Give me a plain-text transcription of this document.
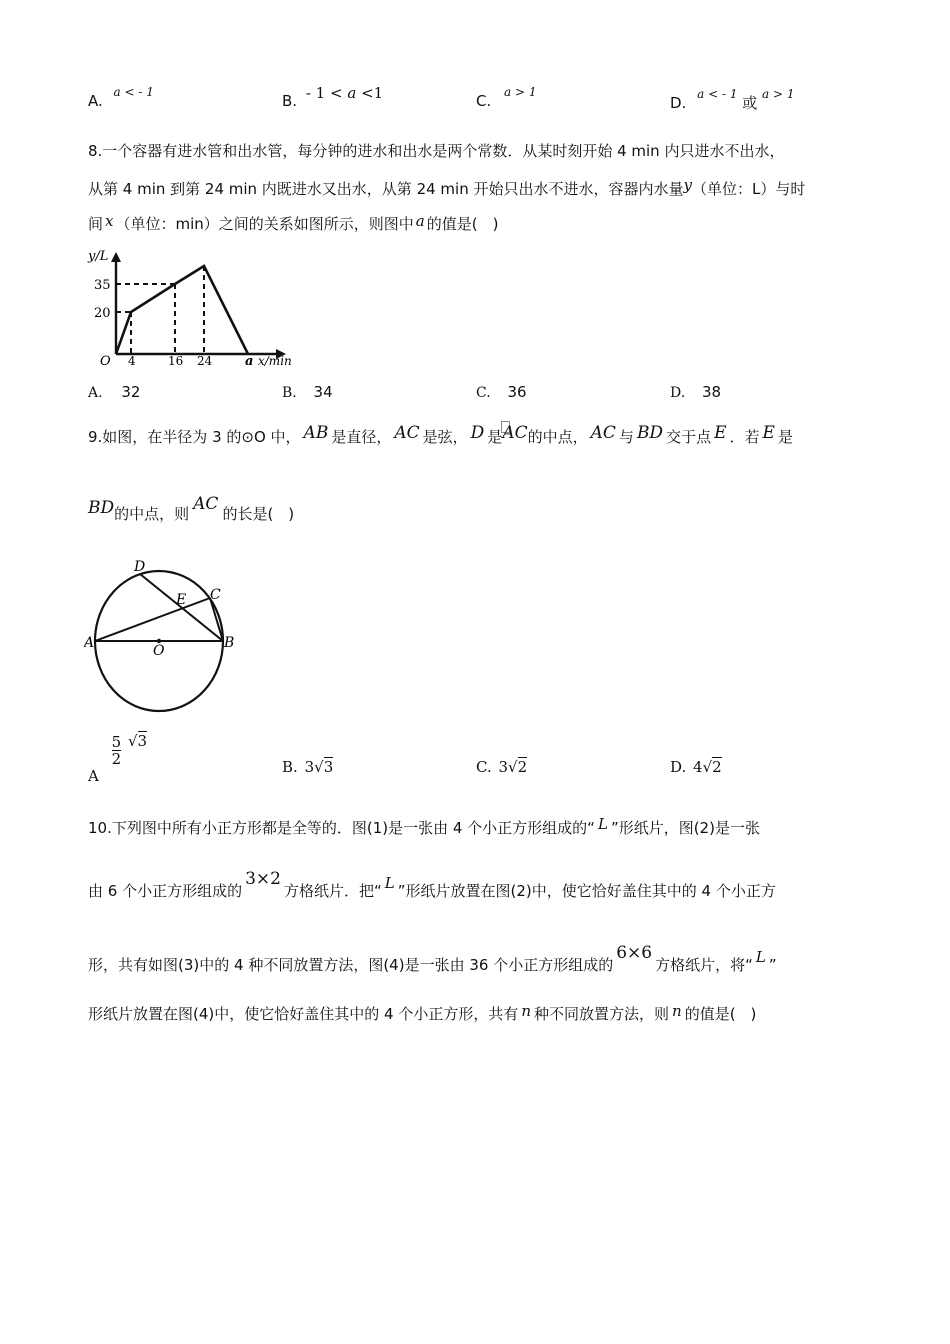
A. $^{a < - 1}$	B. - 1 < a <1	C. $^{a > 1}$
D. $^{a < - 1}$ 或 $^{a > 1}$
8.一个容器有进水管和出水管，每分钟的进水和出水是两个常数．从某时刻开始 4 min 内只进水不出水，
从第 4 min 到第 24 min 内既进水又出水，从第 24 min 开始只出水不进水，容器内水量y（单位：L）与时
间 x （单位：min）之间的关系如图所示，则图中 a 的值是(　)
y/L
35
20
O 4	16 24	a x/min
A. 32	B. 34	C. 36	D. 38
9.如图，在半径为 3 的⊙O 中， AB 是直径， AC 是弦， D 是
AC的中点， AC 与 BD 交于点 E ．若 E 是
BD的中点，则 AC 的长是(　)
D
E C
A	O	B
A
$\frac{5}{2} √3$
B. 3√3	C. 3√2	D. 4√2
10.下列图中所有小正方形都是全等的．图(1)是一张由 4 个小正方形组成的“ L ”形纸片，图(2)是一张
由 6 个小正方形组成的3×2方格纸片．把“ L ”形纸片放置在图(2)中，使它恰好盖住其中的 4 个小正方
形，共有如图(3)中的 4 种不同放置方法，图(4)是一张由 36 个小正方形组成的6×6方格纸片，将“ L ”
形纸片放置在图(4)中，使它恰好盖住其中的 4 个小正方形，共有 n 种不同放置方法，则 n 的值是(　)
